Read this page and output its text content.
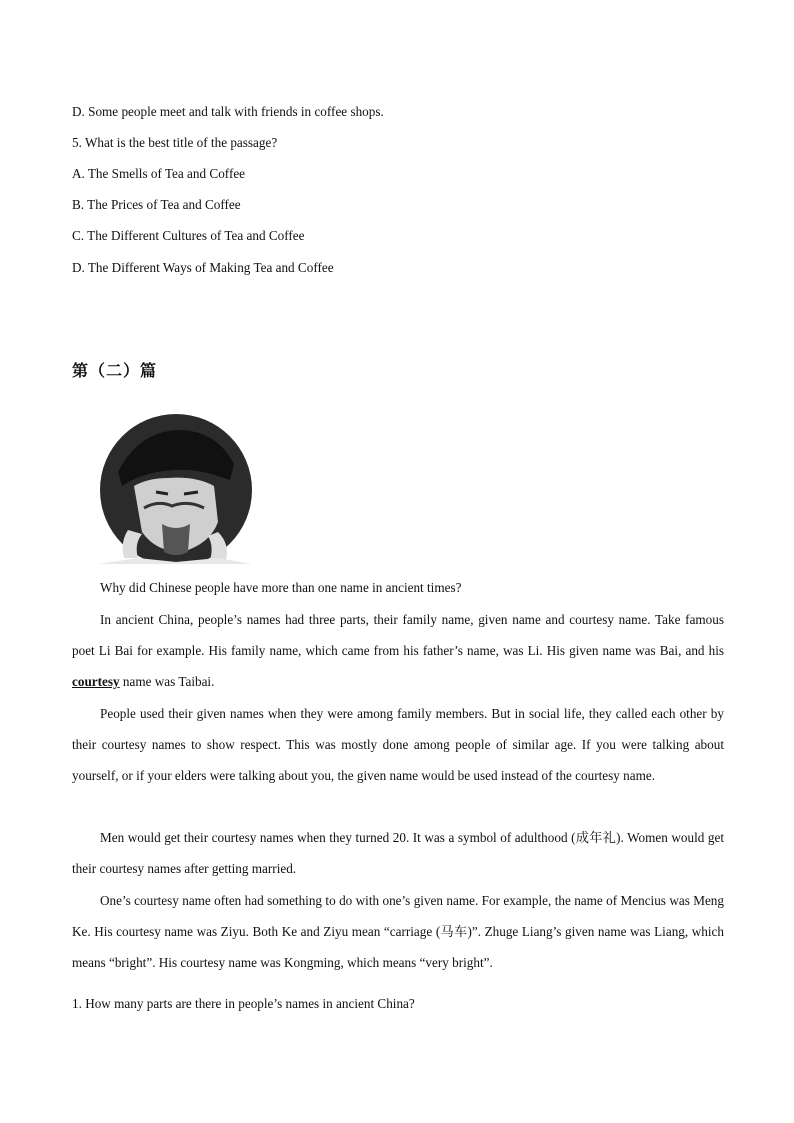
D. Some people meet and talk with friends in coffee shops.
5. What is the best title of the passage?
A. The Smells of Tea and Coffee
B. The Prices of Tea and Coffee
C. The Different Cultures of Tea and Coffee
D. The Different Ways of Making Tea and Coffee
第（二）篇
Why did Chinese people have more than one name in ancient times?
In ancient China, people’s names had three parts, their family name, given name and courtesy name. Take famous poet Li Bai for example. His family name, which came from his father’s name, was Li. His given name was Bai, and his courtesy name was Taibai.
People used their given names when they were among family members. But in social life, they called each other by their courtesy names to show respect. This was mostly done among people of similar age. If you were talking about yourself, or if your elders were talking about you, the given name would be used instead of the courtesy name.
Men would get their courtesy names when they turned 20. It was a symbol of adulthood (成年礼). Women would get their courtesy names after getting married.
One’s courtesy name often had something to do with one’s given name. For example, the name of Mencius was Meng Ke. His courtesy name was Ziyu. Both Ke and Ziyu mean “carriage (马车)”. Zhuge Liang’s given name was Liang, which means “bright”. His courtesy name was Kongming, which means “very bright”.
1. How many parts are there in people’s names in ancient China?
